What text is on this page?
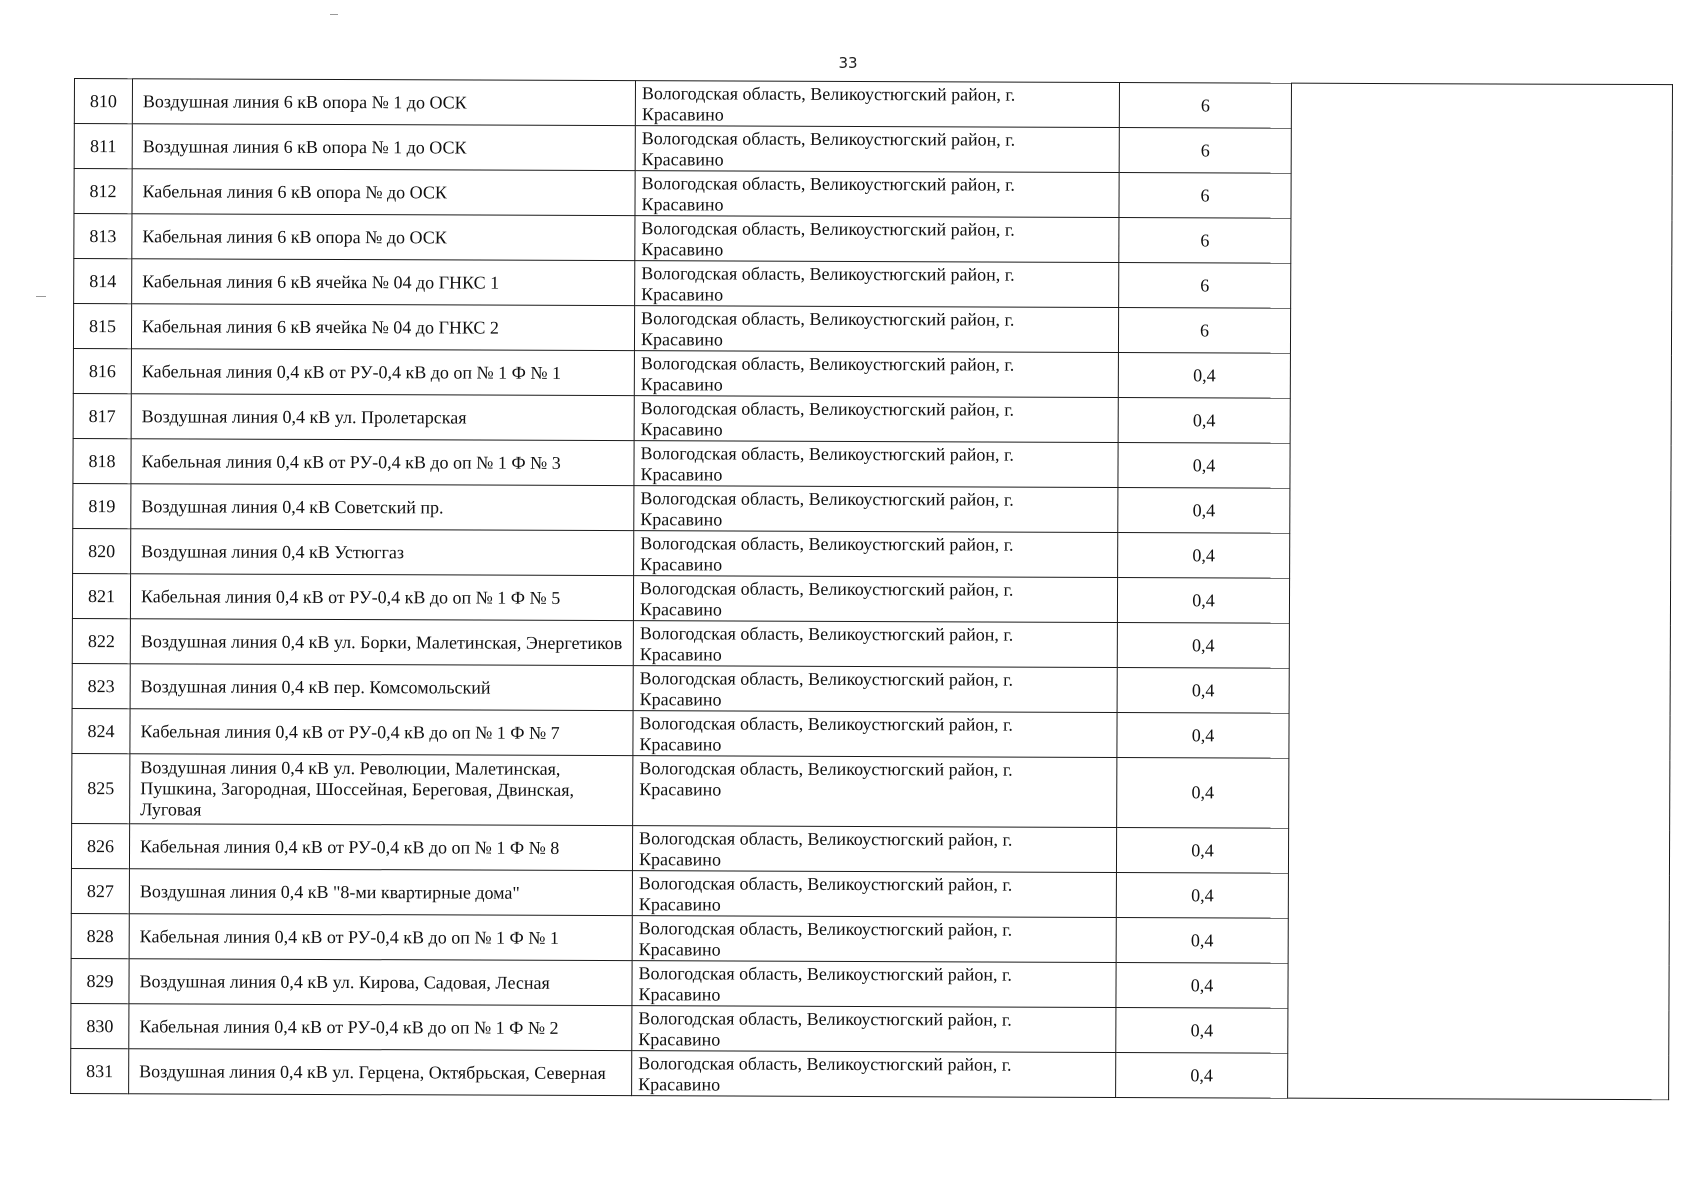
33
810	Воздушная линия 6 кВ опора № 1 до ОСК	Вологодская область, Великоустюгский район, г.
Красавино	6	
811	Воздушная линия 6 кВ опора № 1 до ОСК	Вологодская область, Великоустюгский район, г.
Красавино	6	
812	Кабельная линия 6 кВ опора № до ОСК	Вологодская область, Великоустюгский район, г.
Красавино	6	
813	Кабельная линия 6 кВ опора № до ОСК	Вологодская область, Великоустюгский район, г.
Красавино	6	
814	Кабельная линия 6 кВ ячейка № 04 до ГНКС 1	Вологодская область, Великоустюгский район, г.
Красавино	6	
815	Кабельная линия 6 кВ ячейка № 04 до ГНКС 2	Вологодская область, Великоустюгский район, г.
Красавино	6	
816	Кабельная линия 0,4 кВ от РУ-0,4 кВ до оп № 1 Ф № 1	Вологодская область, Великоустюгский район, г.
Красавино	0,4	
817	Воздушная линия 0,4 кВ ул. Пролетарская	Вологодская область, Великоустюгский район, г.
Красавино	0,4	
818	Кабельная линия 0,4 кВ от РУ-0,4 кВ до оп № 1 Ф № 3	Вологодская область, Великоустюгский район, г.
Красавино	0,4	
819	Воздушная линия 0,4 кВ Советский пр.	Вологодская область, Великоустюгский район, г.
Красавино	0,4	
820	Воздушная линия 0,4 кВ Устюггаз	Вологодская область, Великоустюгский район, г.
Красавино	0,4	
821	Кабельная линия 0,4 кВ от РУ-0,4 кВ до оп № 1 Ф № 5	Вологодская область, Великоустюгский район, г.
Красавино	0,4	
822	Воздушная линия 0,4 кВ ул. Борки, Малетинская, Энергетиков	Вологодская область, Великоустюгский район, г.
Красавино	0,4	
823	Воздушная линия 0,4 кВ пер. Комсомольский	Вологодская область, Великоустюгский район, г.
Красавино	0,4	
824	Кабельная линия 0,4 кВ от РУ-0,4 кВ до оп № 1 Ф № 7	Вологодская область, Великоустюгский район, г.
Красавино	0,4	
825	Воздушная линия 0,4 кВ ул. Революции, Малетинская, Пушкина, Загородная, Шоссейная, Береговая, Двинская, Луговая	Вологодская область, Великоустюгский район, г.
Красавино	0,4	
826	Кабельная линия 0,4 кВ от РУ-0,4 кВ до оп № 1 Ф № 8	Вологодская область, Великоустюгский район, г.
Красавино	0,4	
827	Воздушная линия 0,4 кВ "8-ми квартирные дома"	Вологодская область, Великоустюгский район, г.
Красавино	0,4	
828	Кабельная линия 0,4 кВ от РУ-0,4 кВ до оп № 1 Ф № 1	Вологодская область, Великоустюгский район, г.
Красавино	0,4	
829	Воздушная линия 0,4 кВ ул. Кирова, Садовая, Лесная	Вологодская область, Великоустюгский район, г.
Красавино	0,4	
830	Кабельная линия 0,4 кВ от РУ-0,4 кВ до оп № 1 Ф № 2	Вологодская область, Великоустюгский район, г.
Красавино	0,4	
831	Воздушная линия 0,4 кВ ул. Герцена, Октябрьская, Северная	Вологодская область, Великоустюгский район, г.
Красавино	0,4	
